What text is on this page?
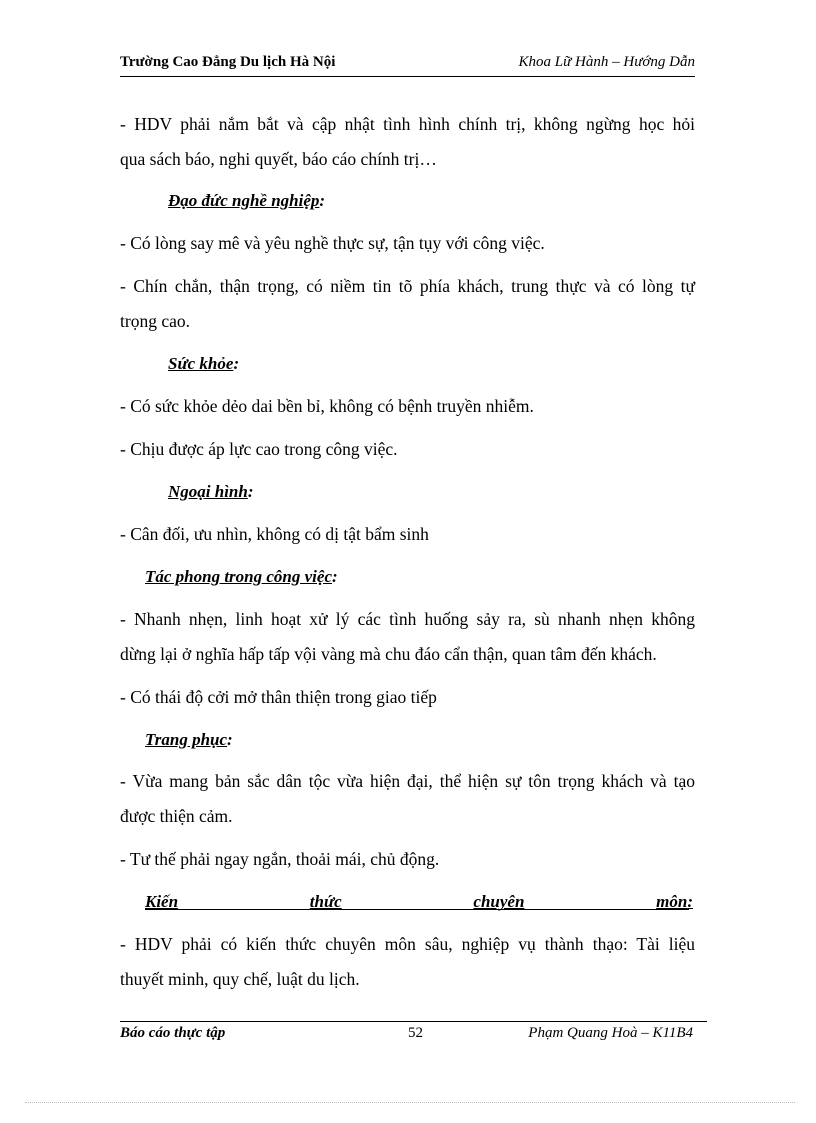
Trường Cao Đẳng Du lịch Hà Nội	Khoa Lữ Hành – Hướng Dẫn
- HDV phải nắm bắt và cập nhật tình hình chính trị, không ngừng học hỏi
qua sách báo, nghi quyết, báo cáo chính trị…
Đạo đức nghề nghiệp:
- Có lòng say mê và yêu nghề thực sự, tận tụy với công việc.
- Chín chắn, thận trọng, có niềm tin tõ phía khách, trung thực và có lòng tự
trọng cao.
Sức khỏe:
- Có sức khỏe dẻo dai bền bỉ, không có bệnh truyền nhiễm.
- Chịu được áp lực cao trong công việc.
Ngoại hình:
- Cân đối, ưu nhìn, không có dị tật bẩm sinh
Tác phong trong công việc:
- Nhanh nhẹn, linh hoạt xử lý các tình huống sảy ra, sù nhanh nhẹn không
dừng lại ở nghĩa hấp tấp vội vàng mà chu đáo cẩn thận, quan tâm đến khách.
- Có thái độ cởi mở thân thiện trong giao tiếp
Trang phục:
- Vừa mang bản sắc dân tộc vừa hiện đại, thể hiện sự tôn trọng khách và tạo
được thiện cảm.
- Tư thế phải ngay ngắn, thoải mái, chủ động.
Kiến	thức	chuyên	môn:
- HDV phải có kiến thức chuyên môn sâu, nghiệp vụ thành thạo: Tài liệu
thuyết minh, quy chế, luật du lịch.
Báo cáo thực tập	52	Phạm Quang Hoà – K11B4
